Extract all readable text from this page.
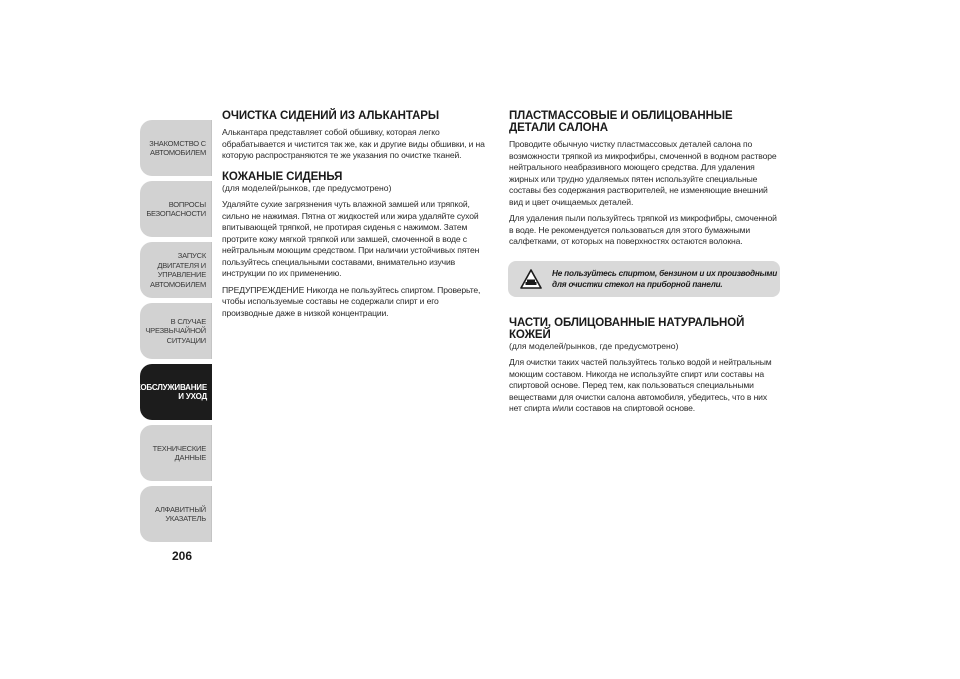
ЗНАКОМСТВО С
АВТОМОБИЛЕМ
ВОПРОСЫ
БЕЗОПАСНОСТИ
ЗАПУСК ДВИГАТЕЛЯ И
УПРАВЛЕНИЕ
АВТОМОБИЛЕМ
В СЛУЧАЕ
ЧРЕЗВЫЧАЙНОЙ
СИТУАЦИИ
ТЕХОБСЛУЖИВАНИЕ
И УХОД
ТЕХНИЧЕСКИЕ
ДАННЫЕ
АЛФАВИТНЫЙ
УКАЗАТЕЛЬ
206
ОЧИСТКА СИДЕНИЙ ИЗ АЛЬКАНТАРЫ

Алькантара представляет собой обшивку, которая легко обрабатывается и чистится так же, как и другие виды обшивки, и на которую распространяются те же указания по очистке тканей.

КОЖАНЫЕ СИДЕНЬЯ
(для моделей/рынков, где предусмотрено)

Удаляйте сухие загрязнения чуть влажной замшей или тряпкой, сильно не нажимая. Пятна от жидкостей или жира удаляйте сухой впитывающей тряпкой, не протирая сиденья с нажимом. Затем протрите кожу мягкой тряпкой или замшей, смоченной в воде с нейтральным моющим средством. При наличии устойчивых пятен пользуйтесь специальными составами, внимательно изучив инструкции по их применению.

ПРЕДУПРЕЖДЕНИЕ Никогда не пользуйтесь спиртом. Проверьте, чтобы используемые составы не содержали спирт и его производные даже в низкой концентрации.

ПЛАСТМАССОВЫЕ И ОБЛИЦОВАННЫЕ ДЕТАЛИ САЛОНА

Проводите обычную чистку пластмассовых деталей салона по возможности тряпкой из микрофибры, смоченной в водном растворе нейтрального неабразивного моющего средства. Для удаления жирных или трудно удаляемых пятен используйте специальные составы без содержания растворителей, не изменяющие внешний вид и цвет очищаемых деталей.

Для удаления пыли пользуйтесь тряпкой из микрофибры, смоченной в воде. Не рекомендуется пользоваться для этого бумажными салфетками, от которых на поверхностях остаются волокна.

Не пользуйтесь спиртом, бензином и их производными для очистки стекол на приборной панели.
ЧАСТИ, ОБЛИЦОВАННЫЕ НАТУРАЛЬНОЙ КОЖЕЙ
(для моделей/рынков, где предусмотрено)

Для очистки таких частей пользуйтесь только водой и нейтральным моющим составом. Никогда не используйте спирт или составы на спиртовой основе. Перед тем, как пользоваться специальными веществами для очистки салона автомобиля, убедитесь, что в них нет спирта и/или составов на спиртовой основе.
